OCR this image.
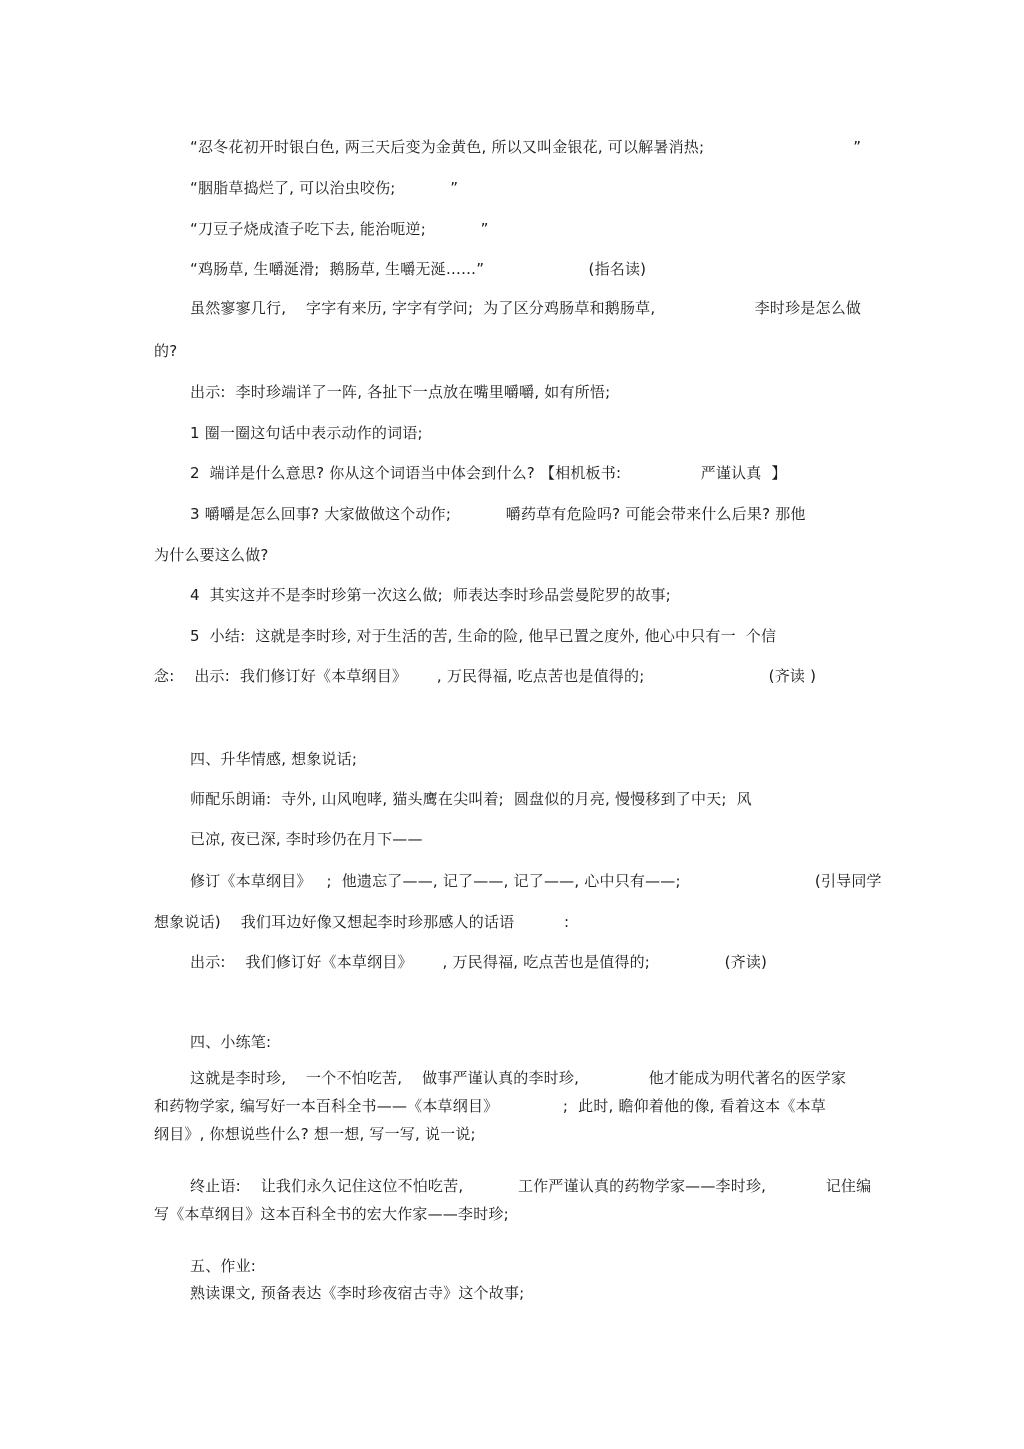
“忍冬花初开时银白色, 两三天后变为金黄色, 所以又叫金银花, 可以解暑消热;                              ”
“胭脂草捣烂了, 可以治虫咬伤;           ”
“刀豆子烧成渣子吃下去, 能治呃逆;           ”
“鸡肠草, 生嚼涎滑;  鹅肠草, 生嚼无涎……”                     (指名读)
虽然寥寥几行,    字字有来历, 字字有学问;  为了区分鸡肠草和鹅肠草,                    李时珍是怎么做
的?
出示:  李时珍端详了一阵, 各扯下一点放在嘴里嚼嚼, 如有所悟;
1 圈一圈这句话中表示动作的词语;
2  端详是什么意思? 你从这个词语当中体会到什么? 【相机板书:                严谨认真  】
3 嚼嚼是怎么回事? 大家做做这个动作;           嚼药草有危险吗? 可能会带来什么后果? 那他
为什么要这么做?
4  其实这并不是李时珍第一次这么做;  师表达李时珍品尝曼陀罗的故事;
5  小结:  这就是李时珍, 对于生活的苦, 生命的险, 他早已置之度外, 他心中只有一  个信
念:    出示:  我们修订好《本草纲目》      , 万民得福, 吃点苦也是值得的;                         (齐读 )
四、升华情感, 想象说话;
师配乐朗诵:  寺外, 山风咆哮, 猫头鹰在尖叫着;  圆盘似的月亮, 慢慢移到了中天;  风
已凉, 夜已深, 李时珍仍在月下——
修订《本草纲目》   ;  他遗忘了——, 记了——, 记了——, 心中只有——;                           (引导同学
想象说话)    我们耳边好像又想起李时珍那感人的话语          :
出示:    我们修订好《本草纲目》      , 万民得福, 吃点苦也是值得的;               (齐读)
四、小练笔:
这就是李时珍,    一个不怕吃苦,    做事严谨认真的李时珍,              他才能成为明代著名的医学家
和药物学家, 编写好一本百科全书——《本草纲目》             ;  此时, 瞻仰着他的像, 看着这本《本草
纲目》, 你想说些什么? 想一想, 写一写, 说一说;
终止语:    让我们永久记住这位不怕吃苦,           工作严谨认真的药物学家——李时珍,            记住编
写《本草纲目》这本百科全书的宏大作家——李时珍;
五、作业:
熟读课文, 预备表达《李时珍夜宿古寺》这个故事;
